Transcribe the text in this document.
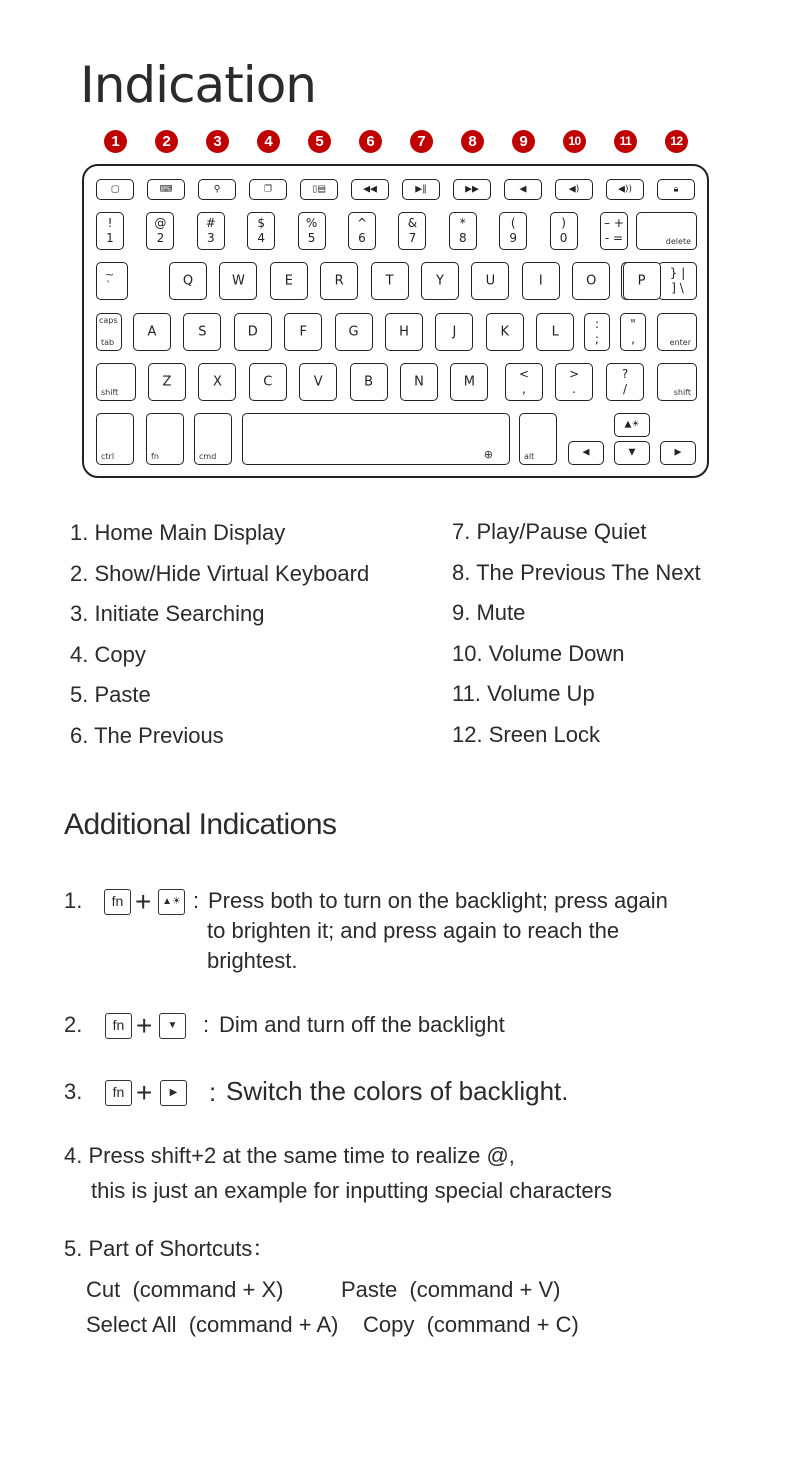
Indication
1	2	3	4	5	6	7	8	9	10	11	12
▢	⌨	⚲	❐	▯▤	◀◀	▶‖	▶▶	◀	◀)	◀))	🔒︎
delete
~
`
} |
] \
caps
tab
:
;
"
,	enter
shift
<
,
>
.
?
/	shift
ctrl	fn	cmd	⊕	alt	◀
▲☀
▼	▶
!
1
@
2
#
3
$
4
%
5
^
6
&
7
*
8
(
9
)
0
– +
- =
Q	W	E	R	T	Y	U	I	O	P
A	S	D	F	G	H	J	K	L
Z	X	C	V	B	N	M
1. Home Main Display
2. Show/Hide Virtual Keyboard
3. Initiate Searching
4. Copy
5. Paste
6. The Previous
7. Play/Pause Quiet
8. The Previous The Next
9. Mute
10. Volume Down
11. Volume Up
12. Sreen Lock
Additional Indications
1.	fn +	▲☀ : Press both to turn on the backlight; press again
to brighten it; and press again to reach the
brightest.
2.	fn +	▼	: Dim and turn off the backlight
3.	fn +	▶	: Switch the colors of backlight.
4. Press shift+2 at the same time to realize @,
this is just an example for inputting special characters
5. Part of Shortcuts：
Cut  (command + X)	Paste  (command + V)
Select All  (command + A) Copy  (command + C)
